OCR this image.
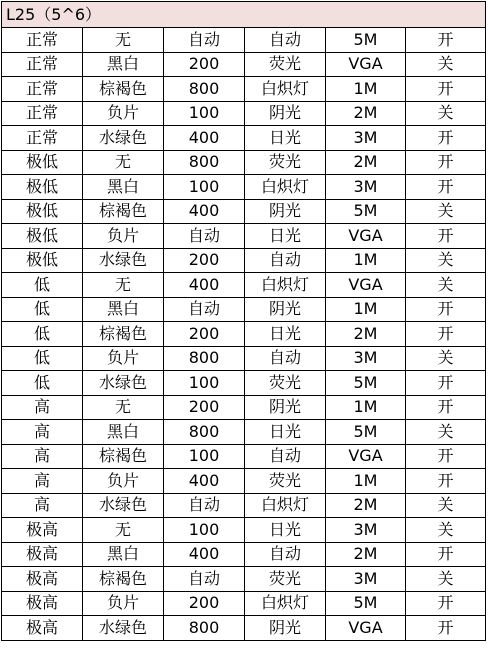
L25（5^6）					
正常	无	自动	自动	5M	开
正常	黑白	200	荧光	VGA	关
正常	棕褐色	800	白炽灯	1M	开
正常	负片	100	阴光	2M	关
正常	水绿色	400	日光	3M	开
极低	无	800	荧光	2M	开
极低	黑白	100	白炽灯	3M	开
极低	棕褐色	400	阴光	5M	关
极低	负片	自动	日光	VGA	开
极低	水绿色	200	自动	1M	关
低	无	400	白炽灯	VGA	关
低	黑白	自动	阴光	1M	开
低	棕褐色	200	日光	2M	开
低	负片	800	自动	3M	关
低	水绿色	100	荧光	5M	开
高	无	200	阴光	1M	开
高	黑白	800	日光	5M	关
高	棕褐色	100	自动	VGA	开
高	负片	400	荧光	1M	开
高	水绿色	自动	白炽灯	2M	关
极高	无	100	日光	3M	关
极高	黑白	400	自动	2M	开
极高	棕褐色	自动	荧光	3M	关
极高	负片	200	白炽灯	5M	开
极高	水绿色	800	阴光	VGA	开
